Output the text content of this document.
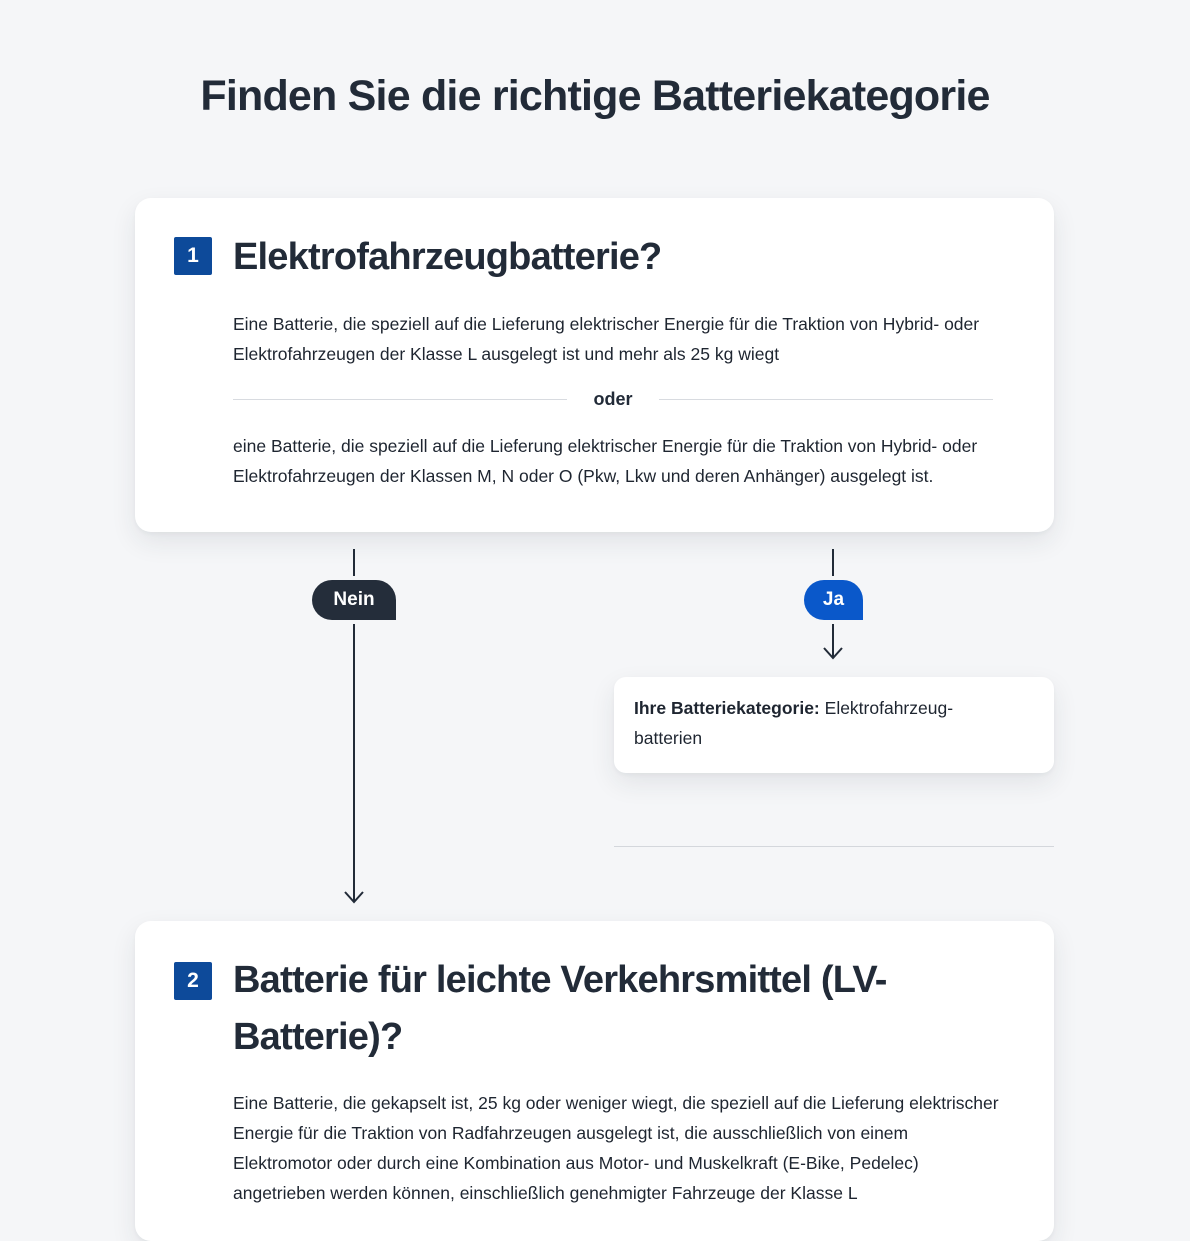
Finden Sie die richtige Batteriekategorie
1 Elektrofahrzeugbatterie?

Eine Batterie, die speziell auf die Lieferung elektrischer Energie für die Traktion von Hybrid- oder Elektrofahrzeugen der Klasse L ausgelegt ist und mehr als 25 kg wiegt

oder

eine Batterie, die speziell auf die Lieferung elektrischer Energie für die Traktion von Hybrid- oder Elektrofahrzeugen der Klassen M, N oder O (Pkw, Lkw und deren Anhänger) ausgelegt ist.

Nein	Ja

Ihre Batteriekategorie: Elektrofahrzeugbatterien

2 Batterie für leichte Verkehrsmittel (LV-Batterie)?

Eine Batterie, die gekapselt ist, 25 kg oder weniger wiegt, die speziell auf die Lieferung elektrischer Energie für die Traktion von Radfahrzeugen ausgelegt ist, die ausschließlich von einem Elektromotor oder durch eine Kombination aus Motor- und Muskelkraft (E-Bike, Pedelec) angetrieben werden können, einschließlich genehmigter Fahrzeuge der Klasse L
